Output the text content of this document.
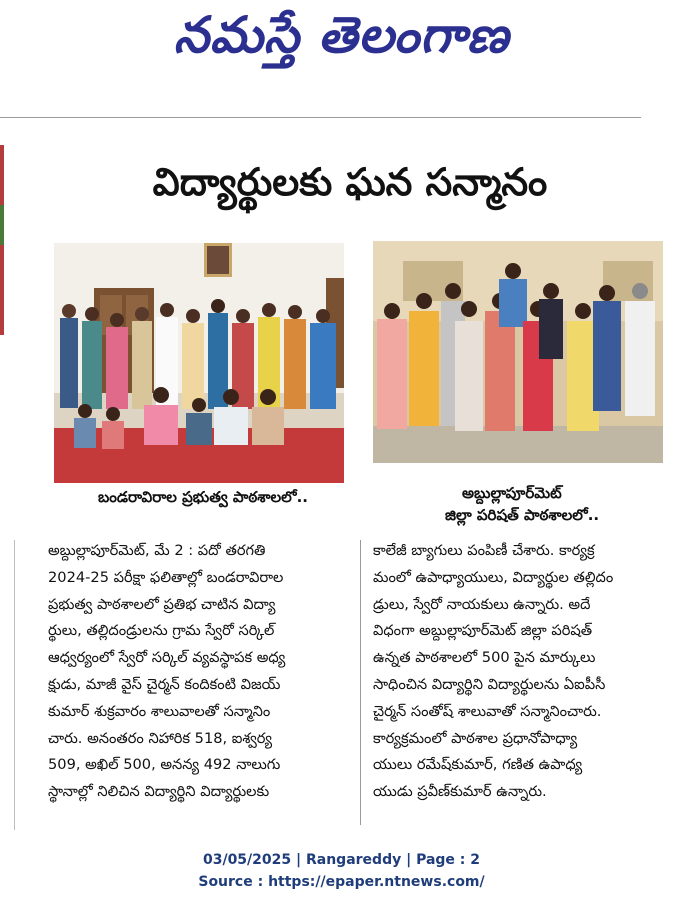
నమస్తే తెలంగాణ
విద్యార్థులకు ఘన సన్మానం
బండరావిరాల ప్రభుత్వ పాఠశాలలో..	అబ్దుల్లాపూర్‌మెట్
జిల్లా పరిషత్‌ పాఠశాలలో..
అబ్దుల్లాపూర్‌మెట్‌, మే 2 : పదో తరగతి
2024-25 పరీక్షా ఫలితాల్లో బండరావిరాల
ప్రభుత్వ పాఠశాలలో ప్రతిభ చాటిన విద్యా
ర్థులు, తల్లిదండ్రులను గ్రామ స్వేరో సర్కిల్‌
ఆధ్వర్యంలో స్వేరో సర్కిల్‌ వ్యవస్థాపక అధ్య
క్షుడు, మాజీ వైస్‌ చైర్మన్‌ కందికంటి విజయ్‌
కుమార్‌ శుక్రవారం శాలువాలతో సన్మానిం
చారు. అనంతరం నిహారిక 518, ఐశ్వర్య
509, అఖిల్‌ 500, అనన్య 492 నాలుగు
స్థానాల్లో నిలిచిన విద్యార్థిని విద్యార్థులకు
కాలేజీ బ్యాగులు పంపిణీ చేశారు. కార్యక్ర
మంలో ఉపాధ్యాయులు, విద్యార్థుల తల్లిదం
డ్రులు, స్వేరో నాయకులు ఉన్నారు. అదే
విధంగా అబ్దుల్లాపూర్‌మెట్‌ జిల్లా పరిషత్‌
ఉన్నత పాఠశాలలో 500 పైన మార్కులు
సాధించిన విద్యార్థిని విద్యార్థులను ఏఐపీసీ
చైర్మన్‌ సంతోష్‌ శాలువాతో సన్మానించారు.
కార్యక్రమంలో పాఠశాల ప్రధానోపాధ్యా
యులు రమేష్‌కుమార్‌, గణిత ఉపాధ్య
యుడు ప్రవీణ్‌కుమార్‌ ఉన్నారు.
03/05/2025 | Rangareddy | Page : 2
Source : https://epaper.ntnews.com/
